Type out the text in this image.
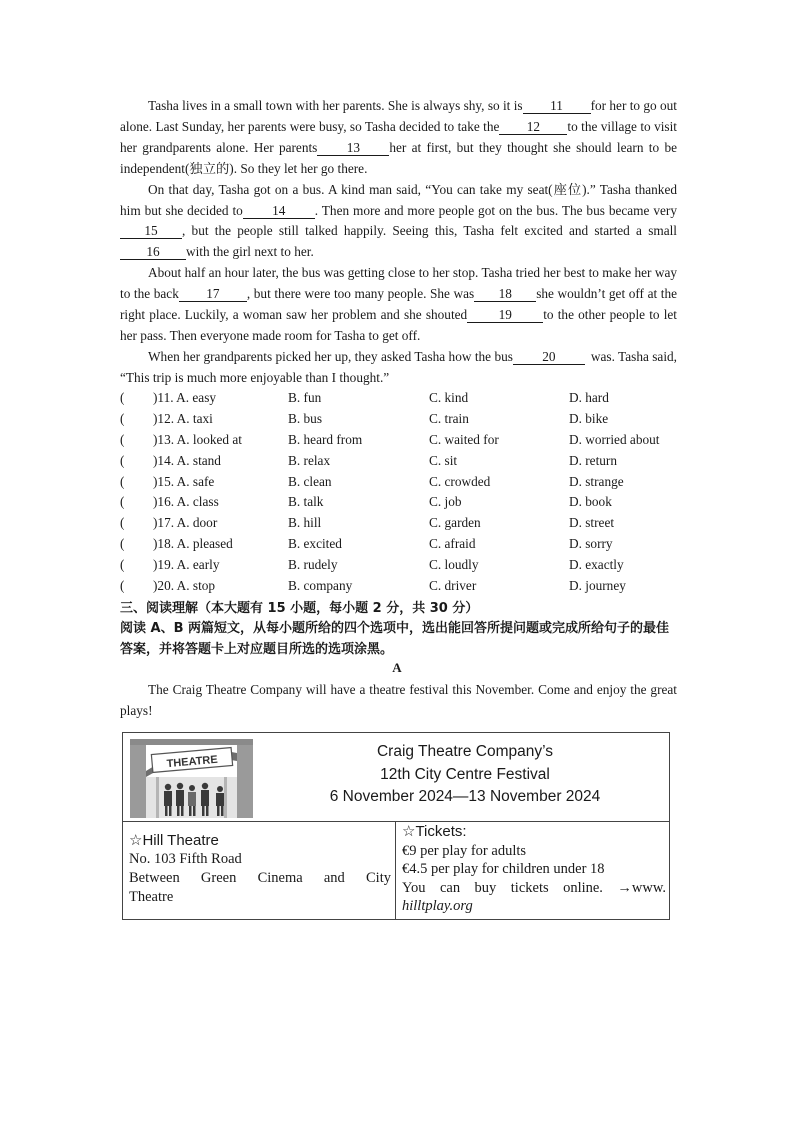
Tasha lives in a small town with her parents. She is always shy, so it is 11 for her to go out alone. Last Sunday, her parents were busy, so Tasha decided to take the 12 to the village to visit her grandparents alone. Her parents 13 her at first, but they thought she should learn to be independent(独立的). So they let her go there.

On that day, Tasha got on a bus. A kind man said, “You can take my seat(座位).” Tasha thanked him but she decided to 14 . Then more and more people got on the bus. The bus became very15 , but the people still talked happily. Seeing this, Tasha felt excited and started a small16 with the girl next to her.

About half an hour later, the bus was getting close to her stop. Tasha tried her best to make her way to the back 17 , but there were too many people. She was 18 she wouldn’t get off at the right place. Luckily, a woman saw her problem and she shouted 19 to the other people to let her pass. Then everyone made room for Tasha to get off.

When her grandparents picked her up, they asked Tasha how the bus 20	was. Tasha said, “This trip is much more enjoyable than I thought.”

( )11. A. easy	B. fun	C. kind	D. hard
( )12. A. taxi	B. bus	C. train	D. bike
( )13. A. looked at	B. heard from	C. waited for	D. worried about
( )14. A. stand	B. relax	C. sit	D. return
( )15. A. safe	B. clean	C. crowded	D. strange
( )16. A. class	B. talk	C. job	D. book
( )17. A. door	B. hill	C. garden	D. street
( )18. A. pleased	B. excited	C. afraid	D. sorry
( )19. A. early	B. rudely	C. loudly	D. exactly
( )20. A. stop	B. company	C. driver	D. journey
三、阅读理解（本大题有 15 小题，每小题 2 分，共 30 分）
阅读 A、B 两篇短文，从每小题所给的四个选项中，选出能回答所提问题或完成所给句子的最佳答案，并将答题卡上对应题目所选的选项涂黑。
A

The Craig Theatre Company will have a theatre festival this November. Come and enjoy the great plays!

THEATRE
Craig Theatre Company’s
12th City Centre Festival
6 November 2024—13 November 2024
☆Hill Theatre
No. 103 Fifth Road
Between Green Cinema and City
Theatre
☆Tickets:
€9 per play for adults
€4.5 per play for children under 18
You can buy tickets online. →www.
hilltplay.org
